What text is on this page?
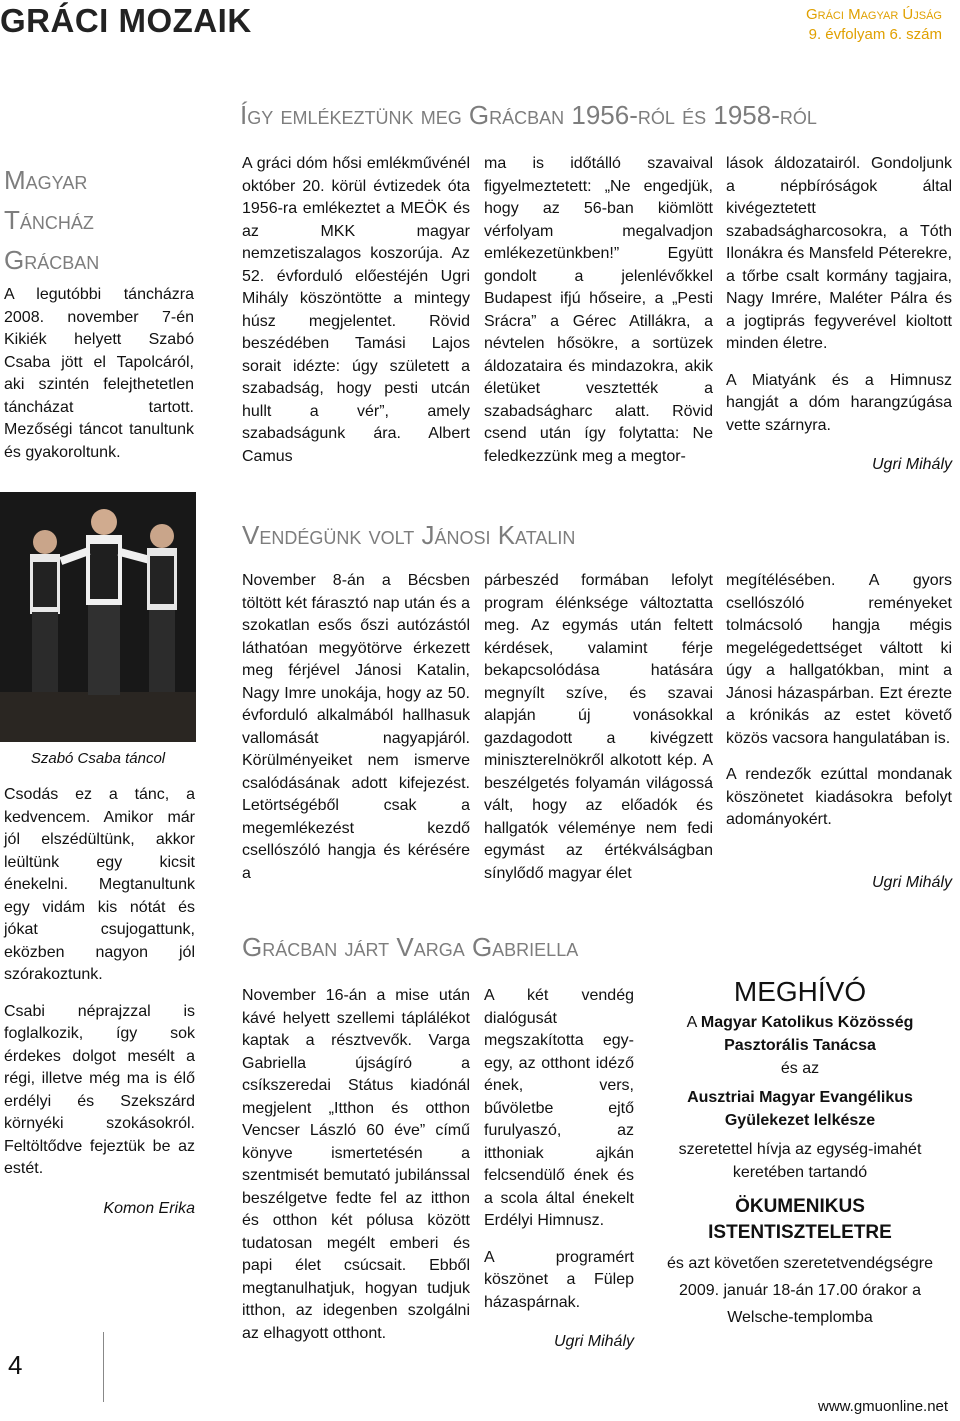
GRÁCI MOZAIK	Gráci Magyar Újság
9. évfolyam 6. szám
Így emlékeztünk meg Grácban 1956-ról és 1958-ról
Magyar
Táncház
Grácban

A legutóbbi táncházra 2008. november 7-én Kikiék helyett Szabó Csaba jött el Tapolcáról, aki szintén felejthetetlen táncházat tartott. Mezőségi táncot tanultunk és gyakoroltunk.

Szabó Csaba táncol

Csodás ez a tánc, a kedvencem. Amikor már jól elszédültünk, akkor leültünk egy kicsit énekelni. Megtanultunk egy vidám kis nótát és jókat csujogattunk, eközben nagyon jól szórakoztunk.

Csabi néprajzzal is foglalkozik, így sok érdekes dolgot mesélt a régi, illetve még ma is élő erdélyi és Szekszárd környéki szokásokról. Feltöltődve fejeztük be az estét.

Komon Erika

A gráci dóm hősi emlékművénél október 20. körül évtizedek óta 1956-ra emlékeztet a MEÖK és az MKK magyar nemzetiszalagos koszorúja. Az 52. évforduló előestéjén Ugri Mihály köszöntötte a mintegy húsz megjelentet. Rövid beszédében Tamási Lajos sorait idézte: úgy született a szabadság, hogy pesti utcán hullt a vér”, amely szabadságunk ára. Albert Camus

ma is időtálló szavaival figyelmeztetett: „Ne engedjük, hogy az 56-ban kiömlött vérfolyam megalvadjon emlékezetünkben!” Együtt gondolt a jelenlévőkkel Budapest ifjú hőseire, a „Pesti Srácra” a Gérec Atillákra, a névtelen hősökre, a sortüzek áldozataira és mindazokra, akik életüket vesztették a szabadságharc alatt. Rövid csend után így folytatta: Ne feledkezzünk meg a megtor-

lások áldozatairól. Gondoljunk a népbíróságok által kivégeztetett szabadságharcosokra, a Tóth Ilonákra és Mansfeld Péterekre, a tőrbe csalt kormány tagjaira, Nagy Imrére, Maléter Pálra és a jogtiprás fegyverével kioltott minden életre.

A Miatyánk és a Himnusz hangját a dóm harangzúgása vette szárnyra.

Ugri Mihály
Vendégünk volt Jánosi Katalin

November 8-án a Bécsben töltött két fárasztó nap után és a szokatlan esős őszi autózástól láthatóan megyötörve érkezett meg férjével Jánosi Katalin, Nagy Imre unokája, hogy az 50. évforduló alkalmából hallhasuk vallomását nagyapjáról. Körülményeiket nem ismerve csalódásának adott kifejezést. Letörtségéből csak a megemlékezést kezdő csellószóló hangja és kérésére a

párbeszéd formában lefolyt program élénksége változtatta meg. Az egymás után feltett kérdések, valamint férje bekapcsolódása hatására megnyílt szíve, és szavai alapján új vonásokkal gazdagodott a kivégzett miniszterelnökről alkotott kép. A beszélgetés folyamán világossá vált, hogy az előadók és hallgatók véleménye nem fedi egymást az értékválságban sínylődő magyar élet

megítélésében. A gyors csellószóló reményeket tolmácsoló hangja mégis megelégedettséget váltott ki úgy a hallgatókban, mint a Jánosi házaspárban. Ezt érezte a krónikás az estet követő közös vacsora hangulatában is.

A rendezők ezúttal mondanak köszönetet kiadásokra befolyt adományokért.

Ugri Mihály
Grácban járt Varga Gabriella

November 16-án a mise után kávé helyett szellemi táplálékot kaptak a résztvevők. Varga Gabriella újságíró a csíkszeredai Státus kiadónál megjelent „Itthon és otthon Vencser László 60 éve” című könyve ismertetésén a szentmisét bemutató jubilánssal beszélgetve fedte fel az itthon és otthon két pólusa között tudatosan megélt emberi és papi élet csúcsait. Ebből megtanulhatjuk, hogyan tudjuk itthon, az idegenben szolgálni az elhagyott otthont.

A két vendég dialógusát megszakította egy-egy, az otthont idéző ének, vers, bűvöletbe ejtő furulyaszó, az itthoniak ajkán felcsendülő ének és a scola által énekelt Erdélyi Himnusz.

A programért köszönet a Fülep házaspárnak.

Ugri Mihály
MEGHÍVÓ

A Magyar Katolikus Közösség Pasztorális Tanácsa

és az

Ausztriai Magyar Evangélikus Gyülekezet lelkésze

szeretettel hívja az egység-imahét keretében tartandó

ÖKUMENIKUS ISTENTISZTELETRE

és azt követően szeretetvendégségre

2009. január 18-án 17.00 órakor a

Welsche-templomba

4
www.gmuonline.net
